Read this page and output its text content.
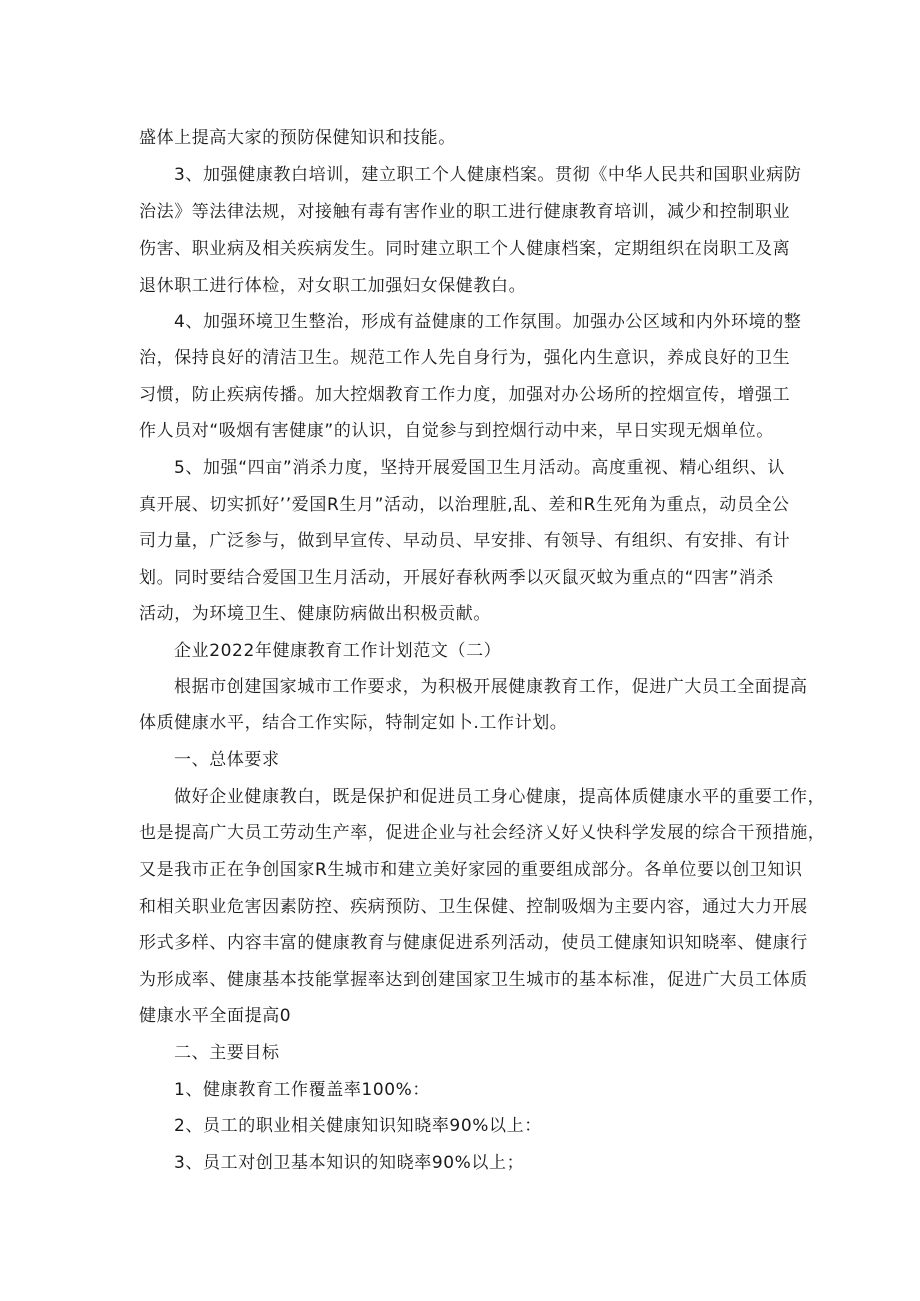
盛体上提高大家的预防保健知识和技能。
3、加强健康教白培训，建立职工个人健康档案。贯彻《中华人民共和国职业病防
治法》等法律法规，对接触有毒有害作业的职工进行健康教育培训，减少和控制职业
伤害、职业病及相关疾病发生。同时建立职工个人健康档案，定期组织在岗职工及离
退休职工进行体检，对女职工加强妇女保健教白。
4、加强环境卫生整治，形成有益健康的工作氛围。加强办公区域和内外环境的整
治，保持良好的清洁卫生。规范工作人先自身行为，强化内生意识，养成良好的卫生
习惯，防止疾病传播。加大控烟教育工作力度，加强对办公场所的控烟宣传，增强工
作人员对“吸烟有害健康”的认识，自觉参与到控烟行动中来，早日实现无烟单位。
5、加强“四亩”消杀力度，坚持开展爱国卫生月活动。高度重视、精心组织、认
真开展、切实抓好’’爱国R生月”活动，以治理脏,乱、差和R生死角为重点，动员全公
司力量，广泛参与，做到早宣传、早动员、早安排、有领导、有组织、有安排、有计
划。同时要结合爱国卫生月活动，开展好春秋两季以灭鼠灭蚊为重点的“四害”消杀
活动，为环境卫生、健康防病做出积极贡献。
企业2022年健康教育工作计划范文（二）
根据市创建国家城市工作要求，为积极开展健康教育工作，促进广大员工全面提高
体质健康水平，结合工作实际，特制定如卜.工作计划。
一、总体要求
做好企业健康教白，既是保护和促进员工身心健康，提高体质健康水平的重要工作，
也是提高广大员工劳动生产率，促进企业与社会经济乂好乂快科学发展的综合干预措施，
又是我市正在争创国家R生城市和建立美好家园的重要组成部分。各单位要以创卫知识
和相关职业危害因素防控、疾病预防、卫生保健、控制吸烟为主要内容，通过大力开展
形式多样、内容丰富的健康教育与健康促进系列活动，使员工健康知识知晓率、健康行
为形成率、健康基本技能掌握率达到创建国家卫生城市的基本标准，促进广大员工体质
健康水平全面提高0
二、主要目标
1、健康教育工作覆盖率100%：
2、员工的职业相关健康知识知晓率90%以上：
3、员工对创卫基本知识的知晓率90%以上；
